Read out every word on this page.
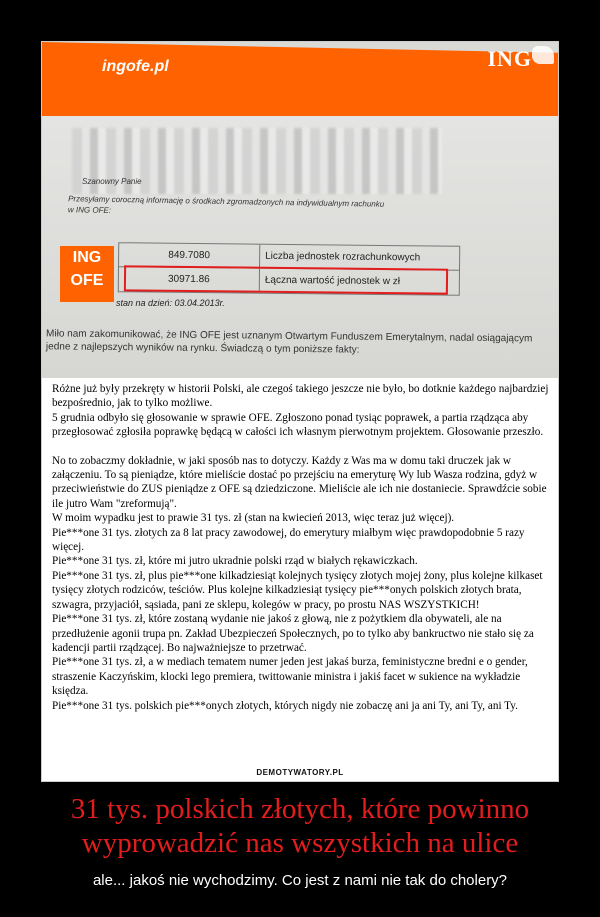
ingofe.pl	ING
Szanowny Panie
Przesyłamy coroczną informację o środkach zgromadzonych na indywidualnym rachunku w ING OFE:
ING
OFE
849.7080	Liczba jednostek rozrachunkowych
30971.86	Łączna wartość jednostek w zł
stan na dzień: 03.04.2013r.
Miło nam zakomunikować, że ING OFE jest uznanym Otwartym Funduszem Emerytalnym, nadal osiągającym jedne z najlepszych wyników na rynku. Świadczą o tym poniższe fakty:

Różne już były przekręty w historii Polski, ale czegoś takiego jeszcze nie było, bo dotknie każdego najbardziej bezpośrednio, jak to tylko możliwe.
5 grudnia odbyło się głosowanie w sprawie OFE. Zgłoszono ponad tysiąc poprawek, a partia rządząca aby przegłosować zgłosiła poprawkę będącą w całości ich własnym pierwotnym projektem. Głosowanie przeszło.

No to zobaczmy dokładnie, w jaki sposób nas to dotyczy. Każdy z Was ma w domu taki druczek jak w załączeniu. To są pieniądze, które mieliście dostać po przejściu na emeryturę Wy lub Wasza rodzina, gdyż w przeciwieństwie do ZUS pieniądze z OFE są dziedziczone. Mieliście ale ich nie dostaniecie. Sprawdźcie sobie ile jutro Wam "zreformują".
W moim wypadku jest to prawie 31 tys. zł (stan na kwiecień 2013, więc teraz już więcej).
Pie***one 31 tys. złotych za 8 lat pracy zawodowej, do emerytury miałbym więc prawdopodobnie 5 razy więcej.
Pie***one 31 tys. zł, które mi jutro ukradnie polski rząd w białych rękawiczkach.
Pie***one 31 tys. zł, plus pie***one kilkadziesiąt kolejnych tysięcy złotych mojej żony, plus kolejne kilkaset tysięcy złotych rodziców, teściów. Plus kolejne kilkadziesiąt tysięcy pie***onych polskich złotych brata, szwagra, przyjaciół, sąsiada, pani ze sklepu, kolegów w pracy, po prostu NAS WSZYSTKICH!
Pie***one 31 tys. zł, które zostaną wydanie nie jakoś z głową, nie z pożytkiem dla obywateli, ale na przedłużenie agonii trupa pn. Zakład Ubezpieczeń Społecznych, po to tylko aby bankructwo nie stało się za kadencji partii rządzącej. Bo najważniejsze to przetrwać.
Pie***one 31 tys. zł, a w mediach tematem numer jeden jest jakaś burza, feministyczne bredni e o gender, straszenie Kaczyńskim, klocki lego premiera, twittowanie ministra i jakiś facet w sukience na wykładzie księdza.
Pie***one 31 tys. polskich pie***onych złotych, których nigdy nie zobaczę ani ja ani Ty, ani Ty, ani Ty.

DEMOTYWATORY.PL
31 tys. polskich złotych, które powinno wyprowadzić nas wszystkich na ulice
ale... jakoś nie wychodzimy. Co jest z nami nie tak do cholery?
